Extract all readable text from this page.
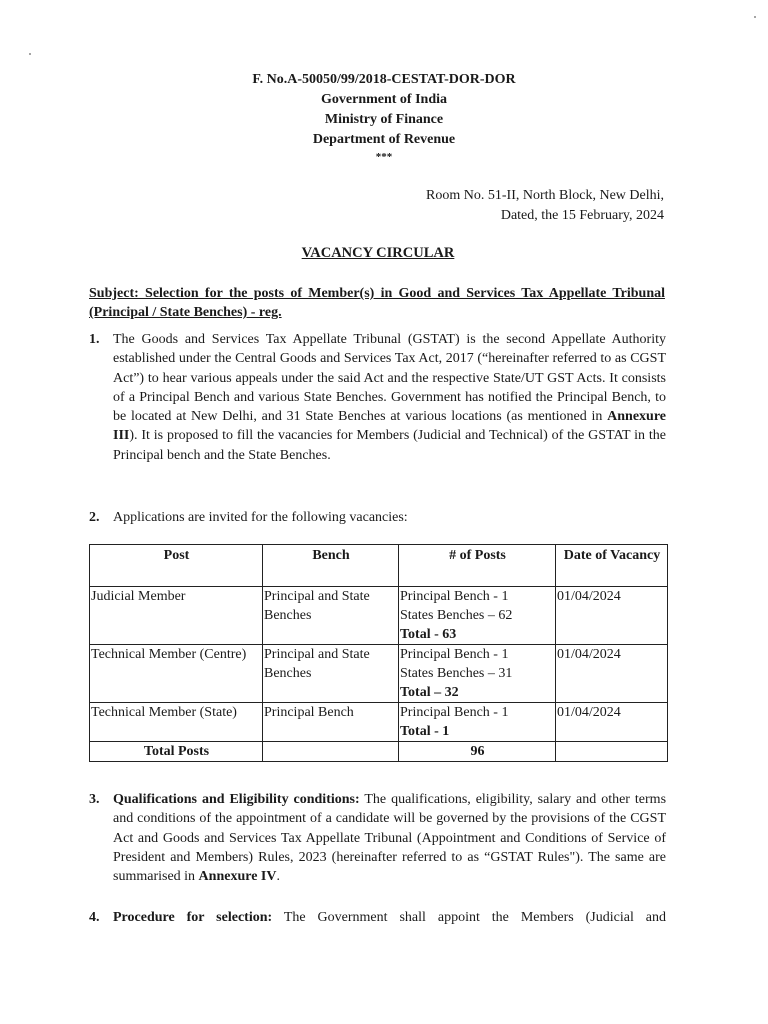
F. No.A-50050/99/2018-CESTAT-DOR-DOR
Government of India
Ministry of Finance
Department of Revenue
***
Room No. 51-II, North Block, New Delhi,
Dated, the 15 February, 2024
VACANCY CIRCULAR
Subject: Selection for the posts of Member(s) in Good and Services Tax Appellate Tribunal (Principal / State Benches) - reg.
1. The Goods and Services Tax Appellate Tribunal (GSTAT) is the second Appellate Authority established under the Central Goods and Services Tax Act, 2017 (“hereinafter referred to as CGST Act”) to hear various appeals under the said Act and the respective State/UT GST Acts. It consists of a Principal Bench and various State Benches. Government has notified the Principal Bench, to be located at New Delhi, and 31 State Benches at various locations (as mentioned in Annexure III). It is proposed to fill the vacancies for Members (Judicial and Technical) of the GSTAT in the Principal bench and the State Benches.
2. Applications are invited for the following vacancies:
Post	Bench	# of Posts	Date of Vacancy
Judicial Member	Principal and State Benches	Principal Bench - 1
States Benches – 62
Total - 63	01/04/2024
Technical Member (Centre)	Principal and State Benches	Principal Bench - 1
States Benches – 31
Total – 32	01/04/2024
Technical Member (State)	Principal Bench	Principal Bench - 1
Total - 1	01/04/2024
Total Posts		96	
3. Qualifications and Eligibility conditions: The qualifications, eligibility, salary and other terms and conditions of the appointment of a candidate will be governed by the provisions of the CGST Act and Goods and Services Tax Appellate Tribunal (Appointment and Conditions of Service of President and Members) Rules, 2023 (hereinafter referred to as “GSTAT Rules"). The same are summarised in Annexure IV.
4. Procedure for selection: The Government shall appoint the Members (Judicial and
